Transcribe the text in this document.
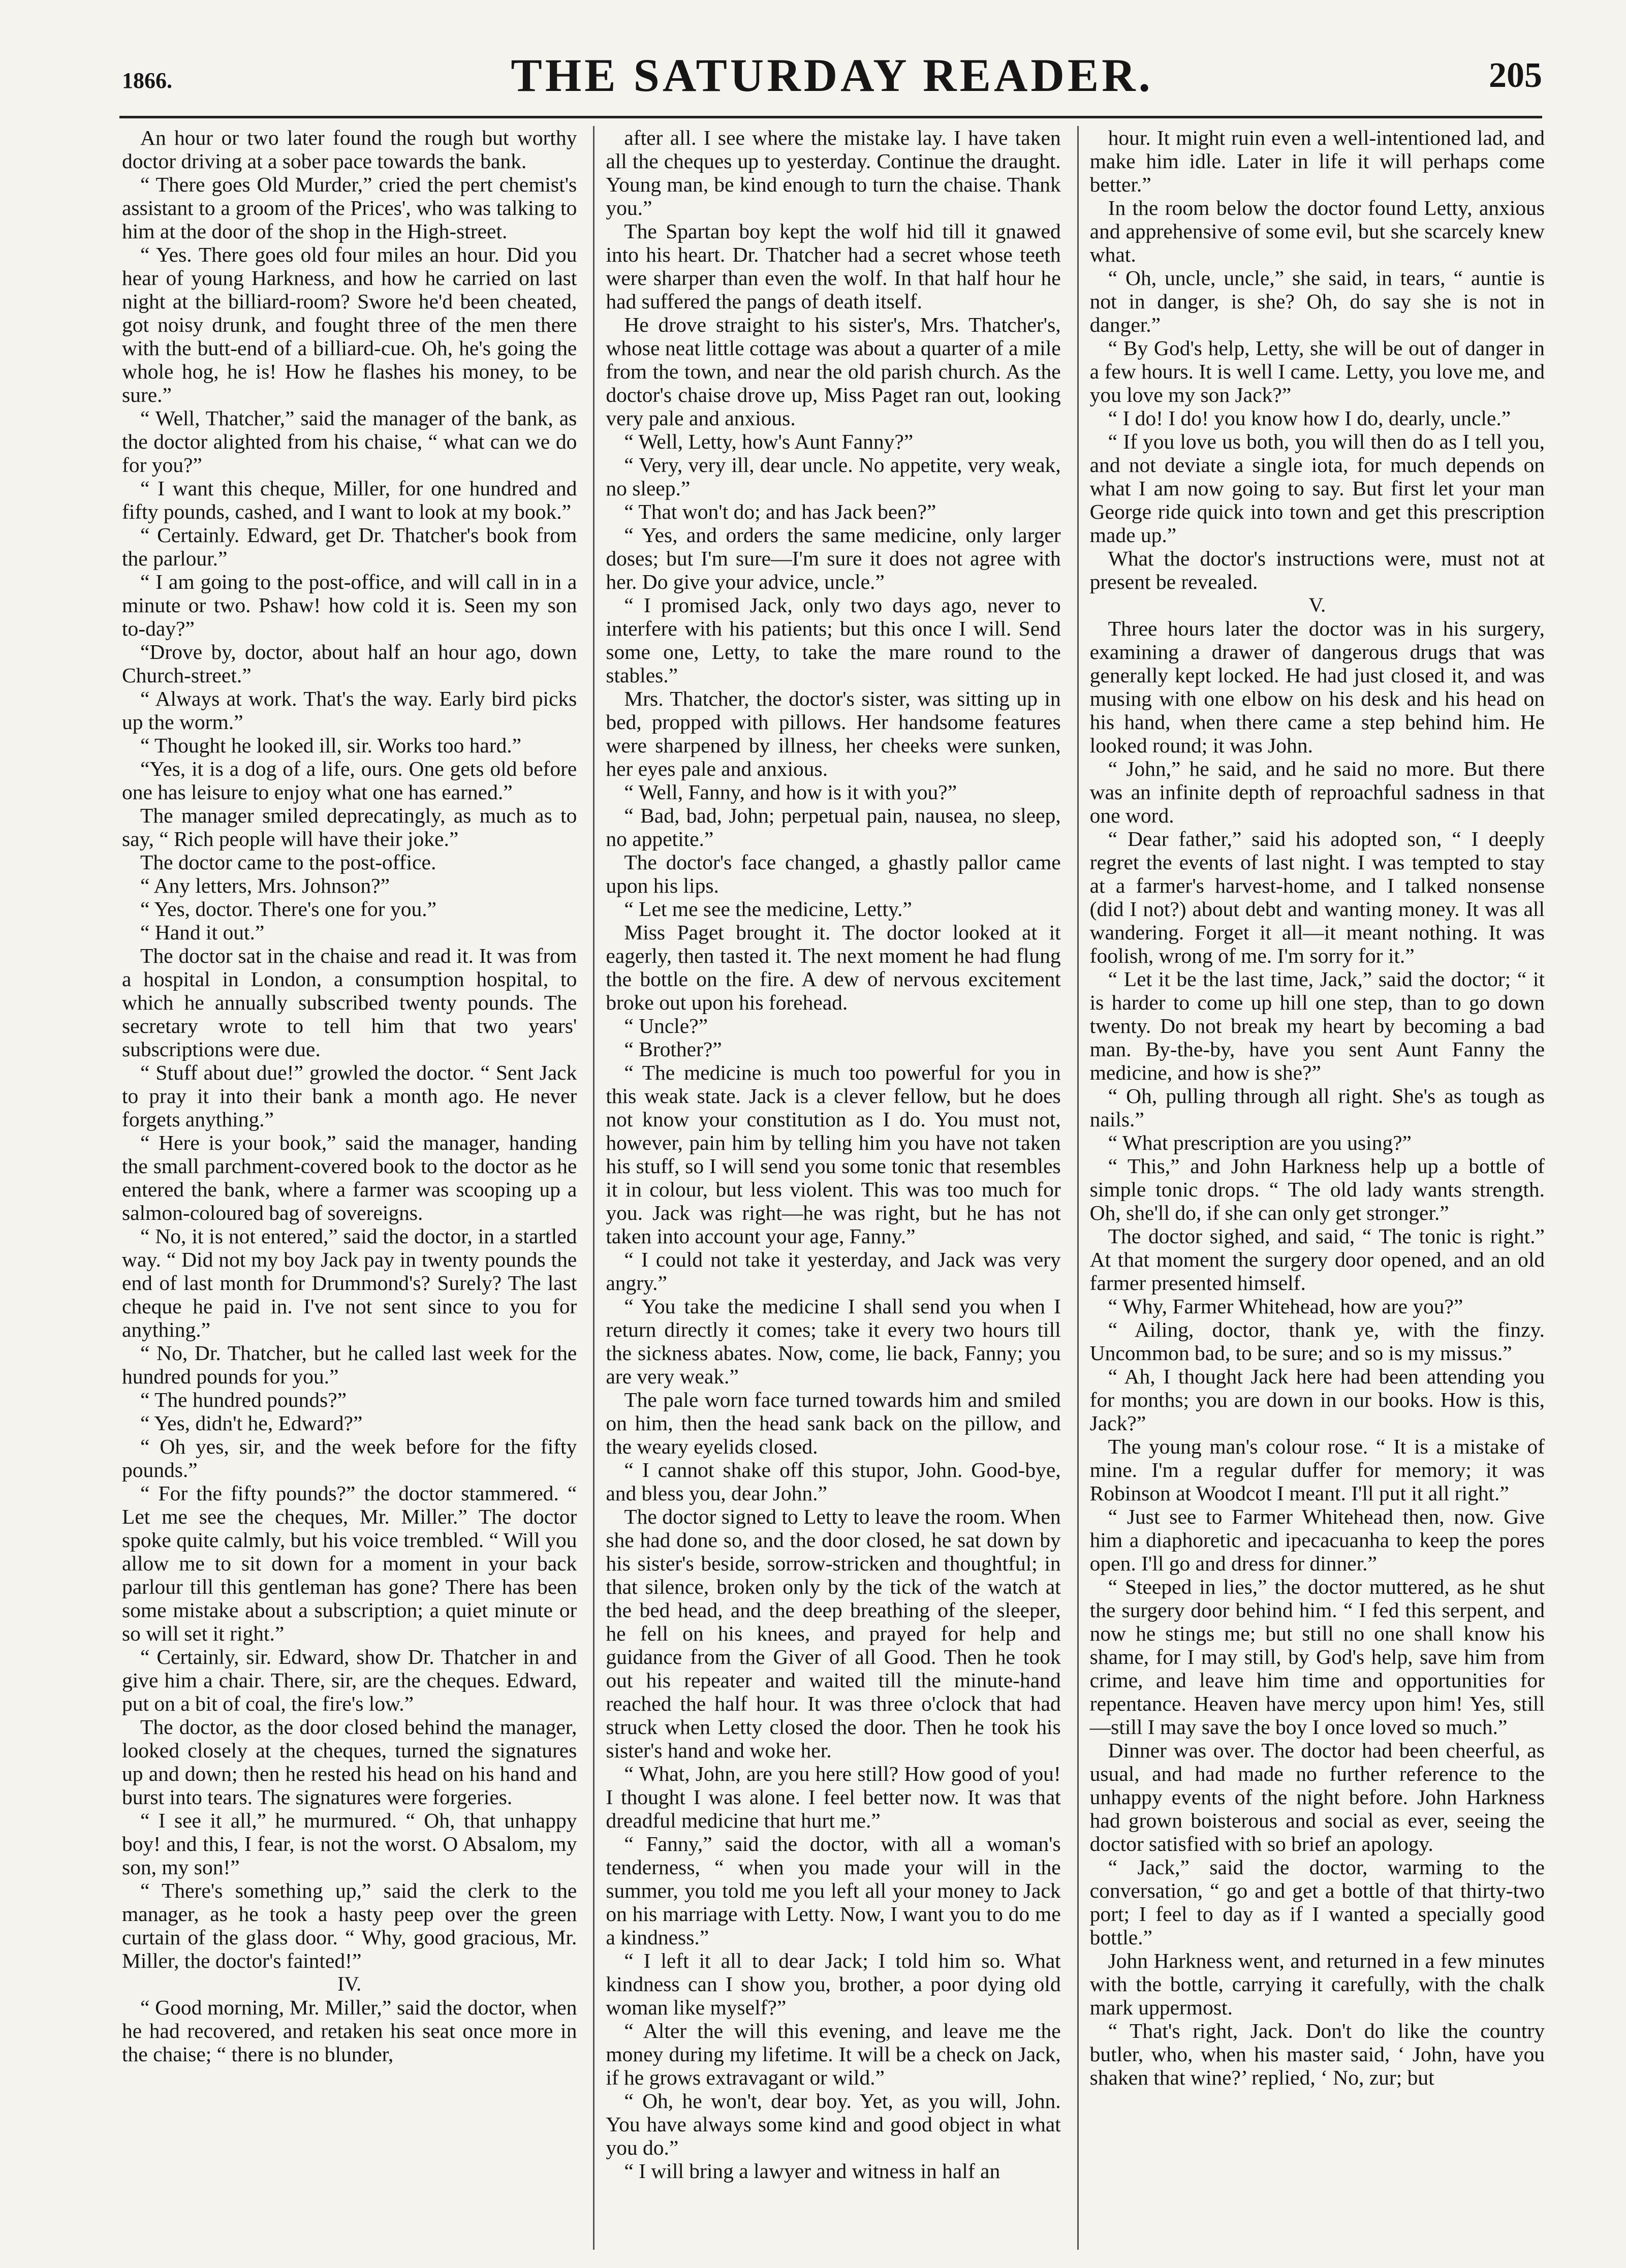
1866.	THE SATURDAY READER.	205

An hour or two later found the rough but worthy doctor driving at a sober pace towards the bank.

“ There goes Old Murder,” cried the pert chemist's assistant to a groom of the Prices', who was talking to him at the door of the shop in the High-street.

“ Yes. There goes old four miles an hour. Did you hear of young Harkness, and how he carried on last night at the billiard-room? Swore he'd been cheated, got noisy drunk, and fought three of the men there with the butt-end of a billiard-cue. Oh, he's going the whole hog, he is! How he flashes his money, to be sure.”

“ Well, Thatcher,” said the manager of the bank, as the doctor alighted from his chaise, “ what can we do for you?”

“ I want this cheque, Miller, for one hundred and fifty pounds, cashed, and I want to look at my book.”

“ Certainly. Edward, get Dr. Thatcher's book from the parlour.”

“ I am going to the post-office, and will call in in a minute or two. Pshaw! how cold it is. Seen my son to-day?”

“Drove by, doctor, about half an hour ago, down Church-street.”

“ Always at work. That's the way. Early bird picks up the worm.”

“ Thought he looked ill, sir. Works too hard.”

“Yes, it is a dog of a life, ours. One gets old before one has leisure to enjoy what one has earned.”

The manager smiled deprecatingly, as much as to say, “ Rich people will have their joke.”

The doctor came to the post-office.

“ Any letters, Mrs. Johnson?”

“ Yes, doctor. There's one for you.”

“ Hand it out.”

The doctor sat in the chaise and read it. It was from a hospital in London, a consumption hospital, to which he annually subscribed twenty pounds. The secretary wrote to tell him that two years' subscriptions were due.

“ Stuff about due!” growled the doctor. “ Sent Jack to pray it into their bank a month ago. He never forgets anything.”

“ Here is your book,” said the manager, handing the small parchment-covered book to the doctor as he entered the bank, where a farmer was scooping up a salmon-coloured bag of sovereigns.

“ No, it is not entered,” said the doctor, in a startled way. “ Did not my boy Jack pay in twenty pounds the end of last month for Drummond's? Surely? The last cheque he paid in. I've not sent since to you for anything.”

“ No, Dr. Thatcher, but he called last week for the hundred pounds for you.”

“ The hundred pounds?”

“ Yes, didn't he, Edward?”

“ Oh yes, sir, and the week before for the fifty pounds.”

“ For the fifty pounds?” the doctor stammered. “ Let me see the cheques, Mr. Miller.” The doctor spoke quite calmly, but his voice trembled. “ Will you allow me to sit down for a moment in your back parlour till this gentleman has gone? There has been some mistake about a subscription; a quiet minute or so will set it right.”

“ Certainly, sir. Edward, show Dr. Thatcher in and give him a chair. There, sir, are the cheques. Edward, put on a bit of coal, the fire's low.”

The doctor, as the door closed behind the manager, looked closely at the cheques, turned the signatures up and down; then he rested his head on his hand and burst into tears. The signatures were forgeries.

“ I see it all,” he murmured. “ Oh, that unhappy boy! and this, I fear, is not the worst. O Absalom, my son, my son!”

“ There's something up,” said the clerk to the manager, as he took a hasty peep over the green curtain of the glass door. “ Why, good gracious, Mr. Miller, the doctor's fainted!”

IV.

“ Good morning, Mr. Miller,” said the doctor, when he had recovered, and retaken his seat once more in the chaise; “ there is no blunder,

after all. I see where the mistake lay. I have taken all the cheques up to yesterday. Continue the draught. Young man, be kind enough to turn the chaise. Thank you.”

The Spartan boy kept the wolf hid till it gnawed into his heart. Dr. Thatcher had a secret whose teeth were sharper than even the wolf. In that half hour he had suffered the pangs of death itself.

He drove straight to his sister's, Mrs. Thatcher's, whose neat little cottage was about a quarter of a mile from the town, and near the old parish church. As the doctor's chaise drove up, Miss Paget ran out, looking very pale and anxious.

“ Well, Letty, how's Aunt Fanny?”

“ Very, very ill, dear uncle. No appetite, very weak, no sleep.”

“ That won't do; and has Jack been?”

“ Yes, and orders the same medicine, only larger doses; but I'm sure—I'm sure it does not agree with her. Do give your advice, uncle.”

“ I promised Jack, only two days ago, never to interfere with his patients; but this once I will. Send some one, Letty, to take the mare round to the stables.”

Mrs. Thatcher, the doctor's sister, was sitting up in bed, propped with pillows. Her handsome features were sharpened by illness, her cheeks were sunken, her eyes pale and anxious.

“ Well, Fanny, and how is it with you?”

“ Bad, bad, John; perpetual pain, nausea, no sleep, no appetite.”

The doctor's face changed, a ghastly pallor came upon his lips.

“ Let me see the medicine, Letty.”

Miss Paget brought it. The doctor looked at it eagerly, then tasted it. The next moment he had flung the bottle on the fire. A dew of nervous excitement broke out upon his forehead.

“ Uncle?”

“ Brother?”

“ The medicine is much too powerful for you in this weak state. Jack is a clever fellow, but he does not know your constitution as I do. You must not, however, pain him by telling him you have not taken his stuff, so I will send you some tonic that resembles it in colour, but less violent. This was too much for you. Jack was right—he was right, but he has not taken into account your age, Fanny.”

“ I could not take it yesterday, and Jack was very angry.”

“ You take the medicine I shall send you when I return directly it comes; take it every two hours till the sickness abates. Now, come, lie back, Fanny; you are very weak.”

The pale worn face turned towards him and smiled on him, then the head sank back on the pillow, and the weary eyelids closed.

“ I cannot shake off this stupor, John. Good-bye, and bless you, dear John.”

The doctor signed to Letty to leave the room. When she had done so, and the door closed, he sat down by his sister's beside, sorrow-stricken and thoughtful; in that silence, broken only by the tick of the watch at the bed head, and the deep breathing of the sleeper, he fell on his knees, and prayed for help and guidance from the Giver of all Good. Then he took out his repeater and waited till the minute-hand reached the half hour. It was three o'clock that had struck when Letty closed the door. Then he took his sister's hand and woke her.

“ What, John, are you here still? How good of you! I thought I was alone. I feel better now. It was that dreadful medicine that hurt me.”

“ Fanny,” said the doctor, with all a woman's tenderness, “ when you made your will in the summer, you told me you left all your money to Jack on his marriage with Letty. Now, I want you to do me a kindness.”

“ I left it all to dear Jack; I told him so. What kindness can I show you, brother, a poor dying old woman like myself?”

“ Alter the will this evening, and leave me the money during my lifetime. It will be a check on Jack, if he grows extravagant or wild.”

“ Oh, he won't, dear boy. Yet, as you will, John. You have always some kind and good object in what you do.”

“ I will bring a lawyer and witness in half an

hour. It might ruin even a well-intentioned lad, and make him idle. Later in life it will perhaps come better.”

In the room below the doctor found Letty, anxious and apprehensive of some evil, but she scarcely knew what.

“ Oh, uncle, uncle,” she said, in tears, “ auntie is not in danger, is she? Oh, do say she is not in danger.”

“ By God's help, Letty, she will be out of danger in a few hours. It is well I came. Letty, you love me, and you love my son Jack?”

“ I do! I do! you know how I do, dearly, uncle.”

“ If you love us both, you will then do as I tell you, and not deviate a single iota, for much depends on what I am now going to say. But first let your man George ride quick into town and get this prescription made up.”

What the doctor's instructions were, must not at present be revealed.

V.

Three hours later the doctor was in his surgery, examining a drawer of dangerous drugs that was generally kept locked. He had just closed it, and was musing with one elbow on his desk and his head on his hand, when there came a step behind him. He looked round; it was John.

“ John,” he said, and he said no more. But there was an infinite depth of reproachful sadness in that one word.

“ Dear father,” said his adopted son, “ I deeply regret the events of last night. I was tempted to stay at a farmer's harvest-home, and I talked nonsense (did I not?) about debt and wanting money. It was all wandering. Forget it all—it meant nothing. It was foolish, wrong of me. I'm sorry for it.”

“ Let it be the last time, Jack,” said the doctor; “ it is harder to come up hill one step, than to go down twenty. Do not break my heart by becoming a bad man. By-the-by, have you sent Aunt Fanny the medicine, and how is she?”

“ Oh, pulling through all right. She's as tough as nails.”

“ What prescription are you using?”

“ This,” and John Harkness help up a bottle of simple tonic drops. “ The old lady wants strength. Oh, she'll do, if she can only get stronger.”

The doctor sighed, and said, “ The tonic is right.” At that moment the surgery door opened, and an old farmer presented himself.

“ Why, Farmer Whitehead, how are you?”

“ Ailing, doctor, thank ye, with the finzy. Uncommon bad, to be sure; and so is my missus.”

“ Ah, I thought Jack here had been attending you for months; you are down in our books. How is this, Jack?”

The young man's colour rose. “ It is a mistake of mine. I'm a regular duffer for memory; it was Robinson at Woodcot I meant. I'll put it all right.”

“ Just see to Farmer Whitehead then, now. Give him a diaphoretic and ipecacuanha to keep the pores open. I'll go and dress for dinner.”

“ Steeped in lies,” the doctor muttered, as he shut the surgery door behind him. “ I fed this serpent, and now he stings me; but still no one shall know his shame, for I may still, by God's help, save him from crime, and leave him time and opportunities for repentance. Heaven have mercy upon him! Yes, still—still I may save the boy I once loved so much.”

Dinner was over. The doctor had been cheerful, as usual, and had made no further reference to the unhappy events of the night before. John Harkness had grown boisterous and social as ever, seeing the doctor satisfied with so brief an apology.

“ Jack,” said the doctor, warming to the conversation, “ go and get a bottle of that thirty-two port; I feel to day as if I wanted a specially good bottle.”

John Harkness went, and returned in a few minutes with the bottle, carrying it carefully, with the chalk mark uppermost.

“ That's right, Jack. Don't do like the country butler, who, when his master said, ‘ John, have you shaken that wine?’ replied, ‘ No, zur; but
